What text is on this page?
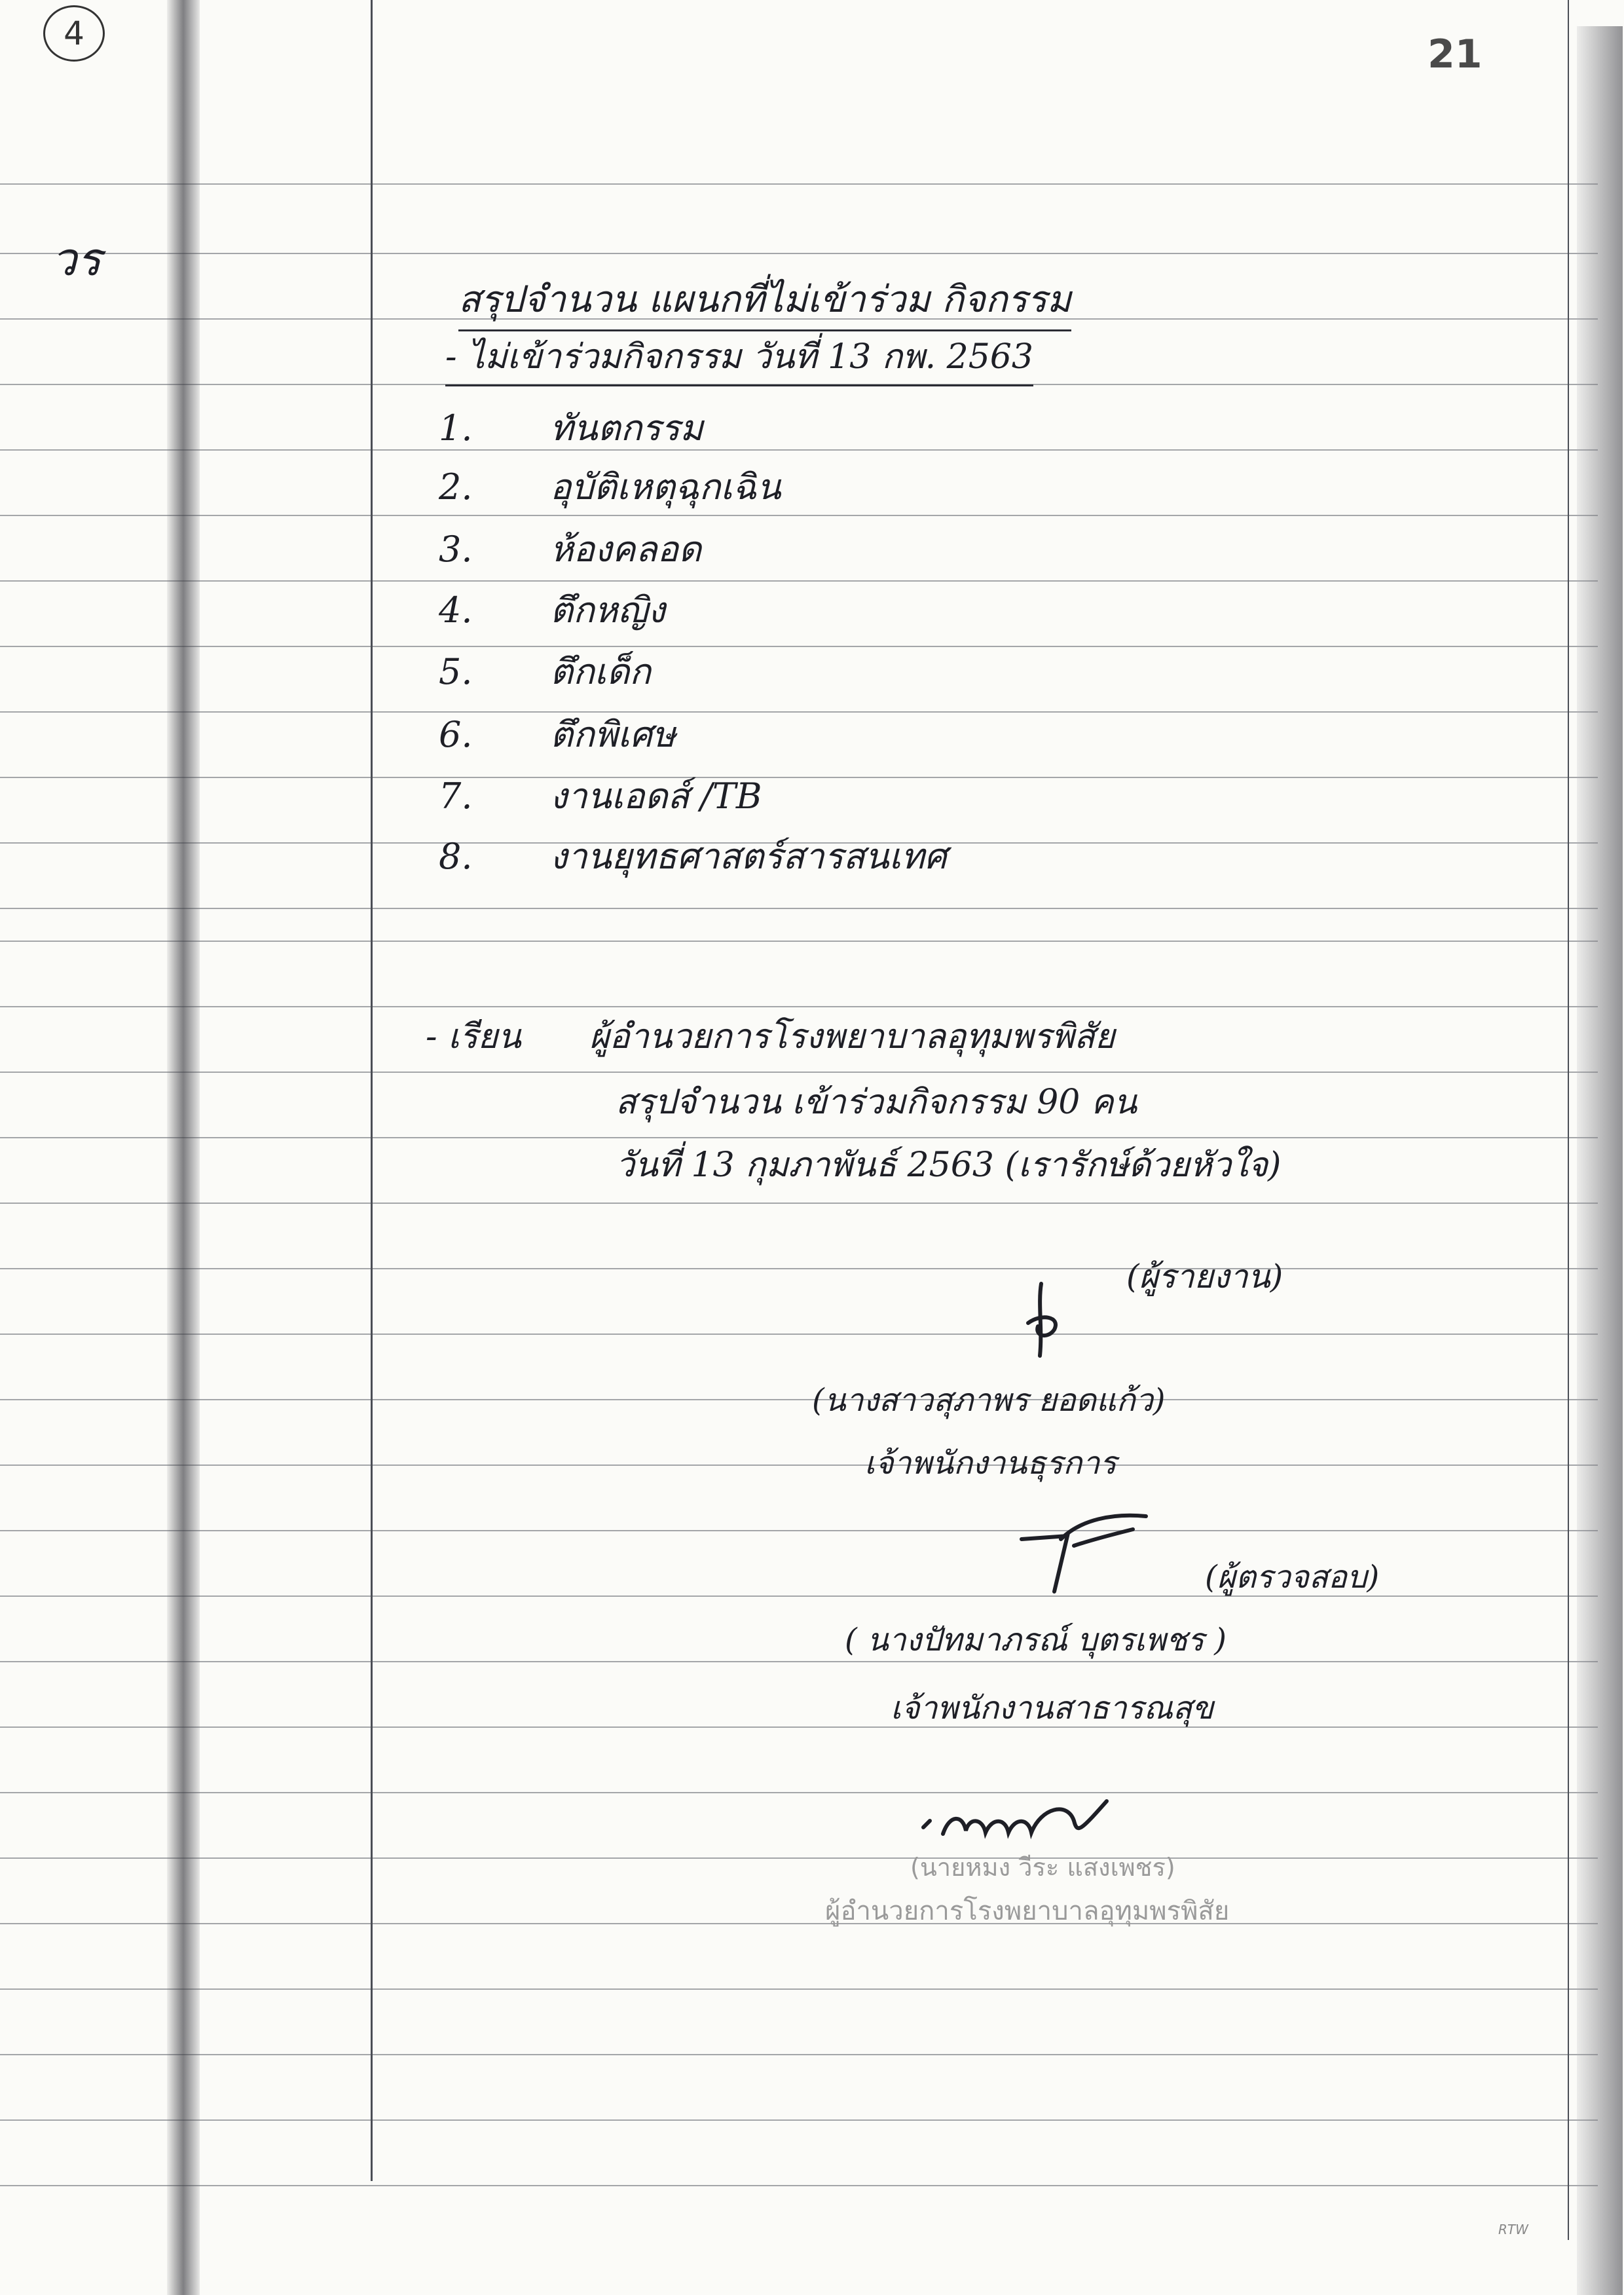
4	21
วร
สรุปจำนวน แผนกที่ไม่เข้าร่วม กิจกรรม
- ไม่เข้าร่วมกิจกรรม วันที่ 13 กพ. 2563
1. ทันตกรรม
2. อุบัติเหตุฉุกเฉิน
3. ห้องคลอด
4. ตึกหญิง
5. ตึกเด็ก
6. ตึกพิเศษ
7. งานเอดส์ /TB
8. งานยุทธศาสตร์สารสนเทศ
- เรียน ผู้อำนวยการโรงพยาบาลอุทุมพรพิสัย
สรุปจำนวน เข้าร่วมกิจกรรม 90 คน
วันที่ 13 กุมภาพันธ์ 2563 (เรารักษ์ด้วยหัวใจ)
(ผู้รายงาน)
(นางสาวสุภาพร ยอดแก้ว)
เจ้าพนักงานธุรการ
(ผู้ตรวจสอบ)
( นางปัทมาภรณ์ บุตรเพชร )
เจ้าพนักงานสาธารณสุข
(นายหมง วีระ แสงเพชร)
ผู้อำนวยการโรงพยาบาลอุทุมพรพิสัย
RTW
